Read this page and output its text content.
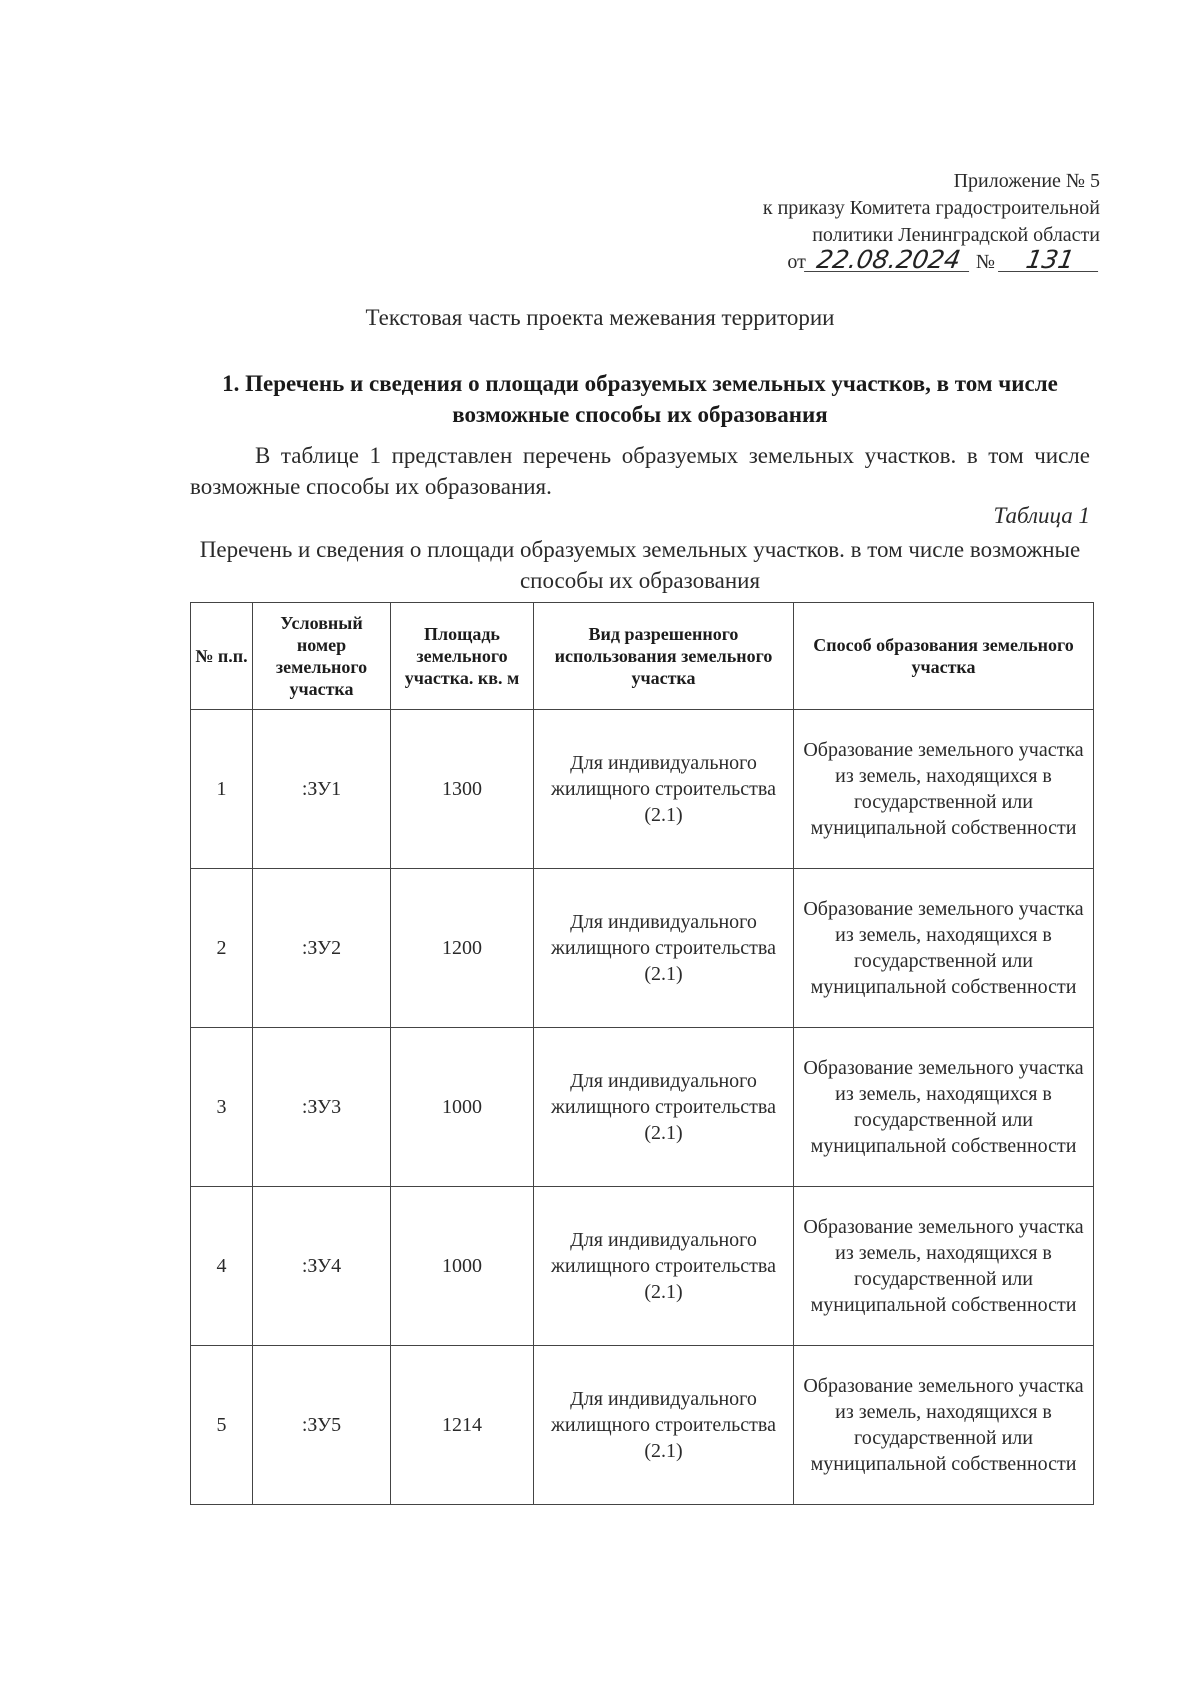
Приложение № 5
к приказу Комитета градостроительной
политики Ленинградской области
от 22.08.2024 № 131
Текстовая часть проекта межевания территории
1. Перечень и сведения о площади образуемых земельных участков, в том числе возможные способы их образования
В таблице 1 представлен перечень образуемых земельных участков. в том числе возможные способы их образования.
Таблица 1
Перечень и сведения о площади образуемых земельных участков. в том числе возможные способы их образования
№ п.п.	Условный номер земельного участка	Площадь земельного участка. кв. м	Вид разрешенного использования земельного участка	Способ образования земельного участка
1	:ЗУ1	1300	Для индивидуального жилищного строительства (2.1)	Образование земельного участка из земель, находящихся в государственной или муниципальной собственности
2	:ЗУ2	1200	Для индивидуального жилищного строительства (2.1)	Образование земельного участка из земель, находящихся в государственной или муниципальной собственности
3	:ЗУ3	1000	Для индивидуального жилищного строительства (2.1)	Образование земельного участка из земель, находящихся в государственной или муниципальной собственности
4	:ЗУ4	1000	Для индивидуального жилищного строительства (2.1)	Образование земельного участка из земель, находящихся в государственной или муниципальной собственности
5	:ЗУ5	1214	Для индивидуального жилищного строительства (2.1)	Образование земельного участка из земель, находящихся в государственной или муниципальной собственности
